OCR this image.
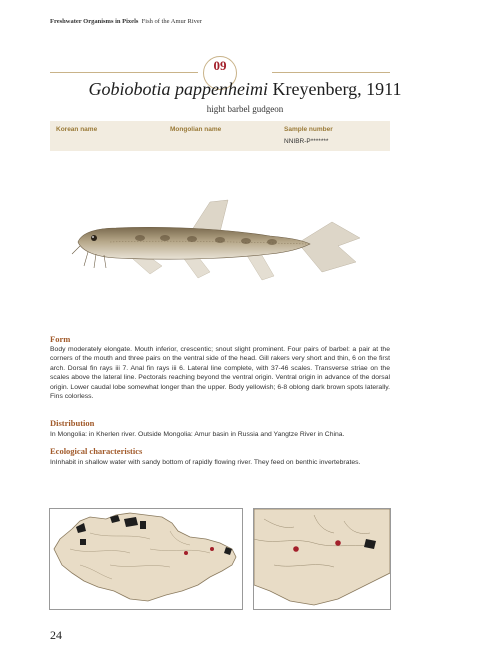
Freshwater Organisms in Pixels Fish of the Amur River
09
Gobiobotia pappenheimi Kreyenberg, 1911
hight barbel gudgeon
Korean name	Mongolian name	Sample number
NNIBR-P*******
Form
Body moderately elongate. Mouth inferior, crescentic; snout slight prominent. Four pairs of barbel: a pair at the corners of the mouth and three pairs on the ventral side of the head. Gill rakers very short and thin, 6 on the first arch. Dorsal fin rays iii 7. Anal fin rays iii 6. Lateral line complete, with 37-46 scales. Transverse striae on the scales above the lateral line. Pectorals reaching beyond the ventral origin. Ventral origin in advance of the dorsal origin. Lower caudal lobe somewhat longer than the upper. Body yellowish; 6-8 oblong dark brown spots laterally. Fins colorless.
Distribution
In Mongolia: in Kherlen river. Outside Mongolia: Amur basin in Russia and Yangtze River in China.
Ecological characteristics
InInhabit in shallow water with sandy bottom of rapidly flowing river. They feed on benthic invertebrates.
24
